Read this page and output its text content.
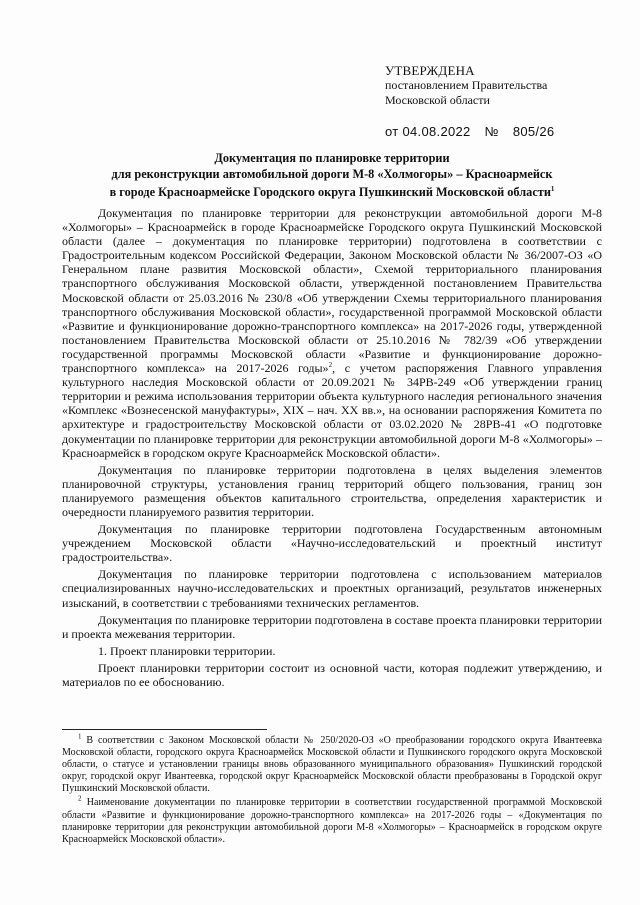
УТВЕРЖДЕНА
постановлением Правительства
Московской области
от 04.08.2022 № 805/26
Документация по планировке территории
для реконструкции автомобильной дороги М-8 «Холмогоры» – Красноармейск
в городе Красноармейске Городского округа Пушкинский Московской области$^1$

Документация по планировке территории для реконструкции автомобильной дороги М-8 «Холмогоры» – Красноармейск в городе Красноармейске Городского округа Пушкинский Московской области (далее – документация по планировке территории) подготовлена в соответствии с Градостроительным кодексом Российской Федерации, Законом Московской области № 36/2007-ОЗ «О Генеральном плане развития Московской области», Схемой территориального планирования транспортного обслуживания Московской области, утвержденной постановлением Правительства Московской области от 25.03.2016 № 230/8 «Об утверждении Схемы территориального планирования транспортного обслуживания Московской области», государственной программой Московской области «Развитие и функционирование дорожно-транспортного комплекса» на 2017-2026 годы, утвержденной постановлением Правительства Московской области от 25.10.2016 № 782/39 «Об утверждении государственной программы Московской области «Развитие и функционирование дорожно-транспортного комплекса» на 2017-2026 годы»$^2$, с учетом распоряжения Главного управления культурного наследия Московской области от 20.09.2021 № 34РВ-249 «Об утверждении границ территории и режима использования территории объекта культурного наследия регионального значения «Комплекс «Вознесенской мануфактуры», XIX – нач. XX вв.», на основании распоряжения Комитета по архитектуре и градостроительству Московской области от 03.02.2020 № 28РВ-41 «О подготовке документации по планировке территории для реконструкции автомобильной дороги М-8 «Холмогоры» – Красноармейск в городском округе Красноармейск Московской области».

Документация по планировке территории подготовлена в целях выделения элементов планировочной структуры, установления границ территорий общего пользования, границ зон планируемого размещения объектов капитального строительства, определения характеристик и очередности планируемого развития территории.

Документация по планировке территории подготовлена Государственным автономным учреждением Московской области «Научно-исследовательский и проектный институт градостроительства».

Документация по планировке территории подготовлена с использованием материалов специализированных научно-исследовательских и проектных организаций, результатов инженерных изысканий, в соответствии с требованиями технических регламентов.

Документация по планировке территории подготовлена в составе проекта планировки территории и проекта межевания территории.

1. Проект планировки территории.

Проект планировки территории состоит из основной части, которая подлежит утверждению, и материалов по ее обоснованию.

$^1$ В соответствии с Законом Московской области № 250/2020-ОЗ «О преобразовании городского округа Ивантеевка Московской области, городского округа Красноармейск Московской области и Пушкинского городского округа Московской области, о статусе и установлении границы вновь образованного муниципального образования» Пушкинский городской округ, городской округ Ивантеевка, городской округ Красноармейск Московской области преобразованы в Городской округ Пушкинский Московской области.

$^2$ Наименование документации по планировке территории в соответствии государственной программой Московской области «Развитие и функционирование дорожно-транспортного комплекса» на 2017-2026 годы – «Документация по планировке территории для реконструкции автомобильной дороги М-8 «Холмогоры» – Красноармейск в городском округе Красноармейск Московской области».
